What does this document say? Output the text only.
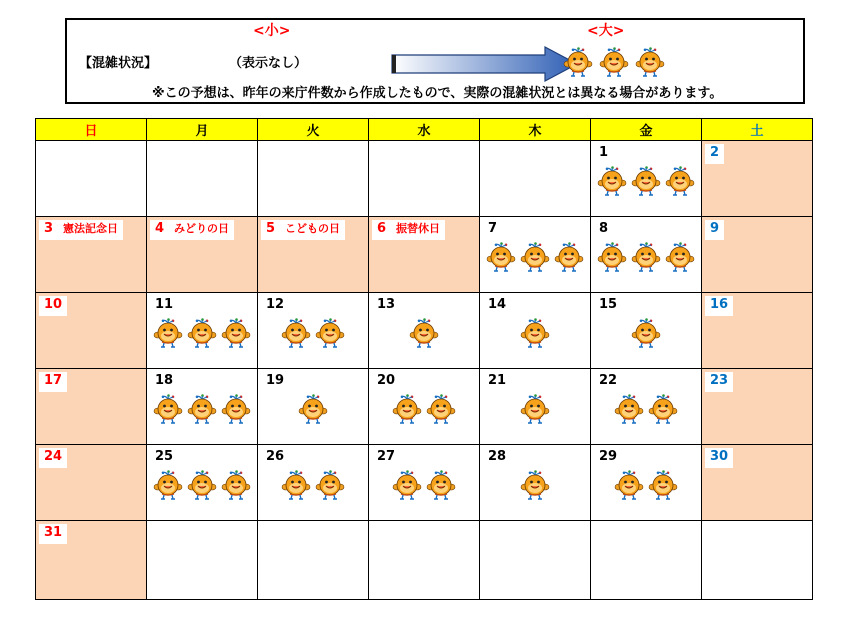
<小>	<大>
【混雑状況】	（表示なし）
※この予想は、昨年の来庁件数から作成したもので、実際の混雑状況とは異なる場合があります。
日	月	火	水	木	金	土

					1	2

3 憲法記念日	4 みどりの日	5 こどもの日	6 振替休日	7	8	9

10	11	12	13	14	15	16

17	18	19	20	21	22	23

24	25	26	27	28	29	30

31						
